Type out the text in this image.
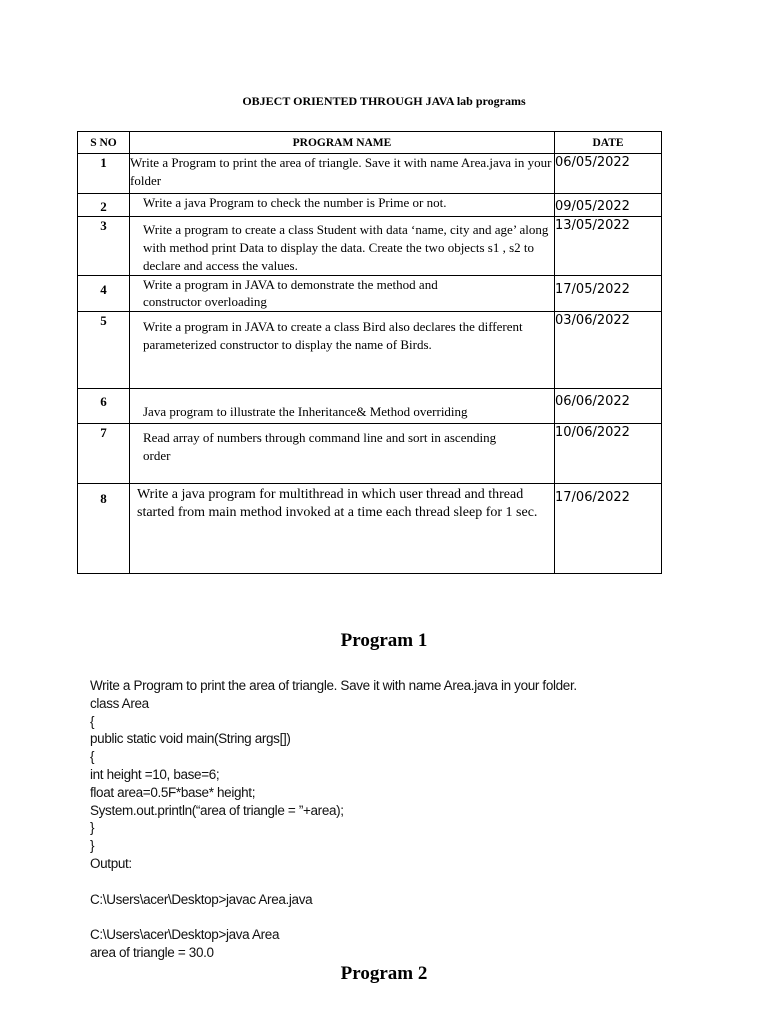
OBJECT ORIENTED THROUGH JAVA lab programs
S NO	PROGRAM NAME	DATE
1	Write a Program to print the area of triangle. Save it with name Area.java in your folder	06/05/2022
2	Write a java Program to check the number is Prime or not.	09/05/2022
3	Write a program to create a class Student with data ‘name, city and age’ along with method print Data to display the data. Create the two objects s1 , s2 to declare and access the values.	13/05/2022
4	Write a program in JAVA to demonstrate the method and constructor overloading	17/05/2022
5	Write a program in JAVA to create a class Bird also declares the different parameterized constructor to display the name of Birds.	03/06/2022
6	Java program to illustrate the Inheritance& Method overriding	06/06/2022
7	Read array of numbers through command line and sort in ascending order	10/06/2022
8	Write a java program for multithread in which user thread and thread started from main method invoked at a time each thread sleep for 1 sec.	17/06/2022
Program 1
Write a Program to print the area of triangle. Save it with name Area.java in your folder.
class Area
{
public static void main(String args[])
{
int height =10, base=6;
float area=0.5F*base* height;
System.out.println(“area of triangle = ”+area);
}
}
Output:
C:\Users\acer\Desktop>javac Area.java
C:\Users\acer\Desktop>java Area
area of triangle = 30.0
Program 2
